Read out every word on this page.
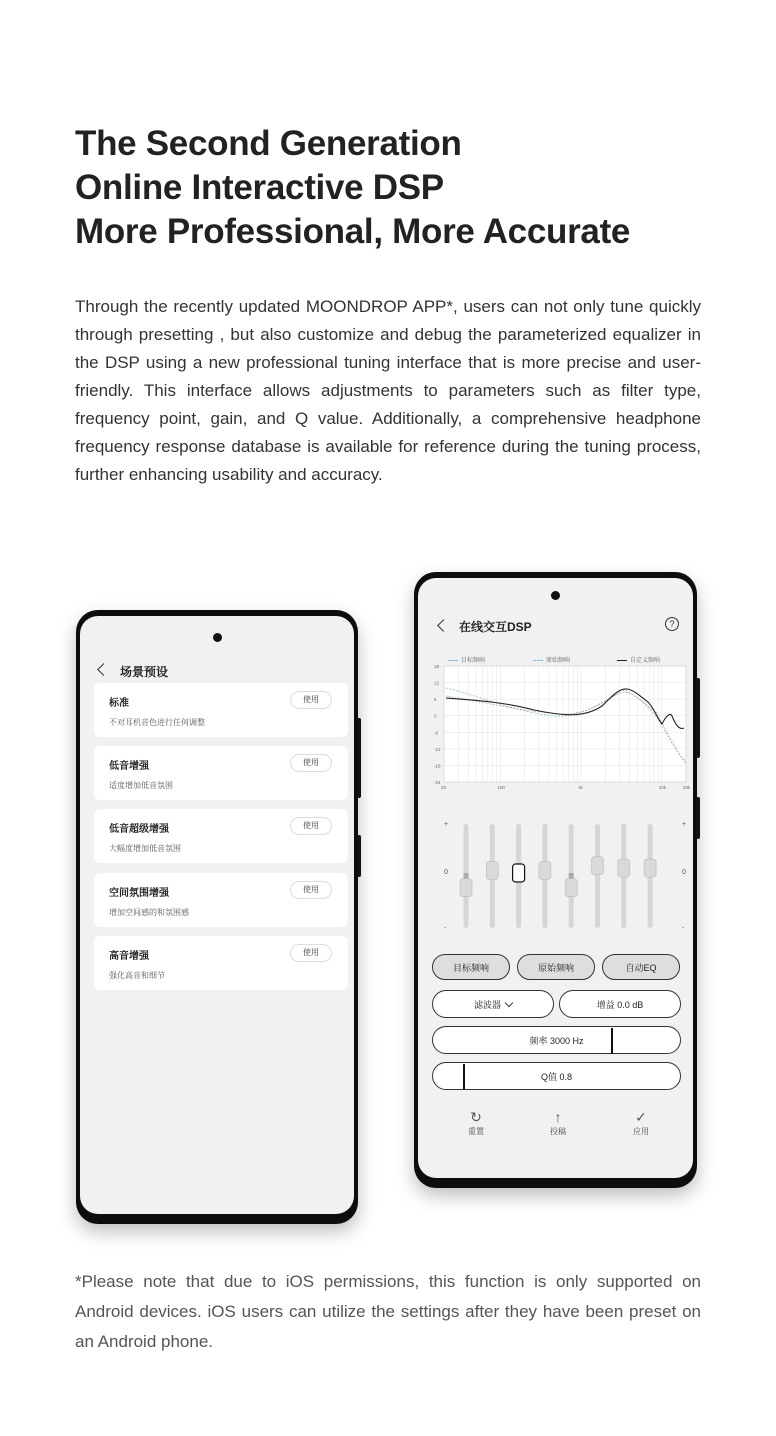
The Second Generation
Online Interactive DSP
More Professional, More Accurate

Through the recently updated MOONDROP APP*, users can not only tune quickly through presetting , but also customize and debug the parameterized equalizer in the DSP using a new professional tuning interface that is more precise and user-friendly. This interface allows adjustments to parameters such as filter type, frequency point, gain, and Q value. Additionally, a comprehensive headphone frequency response database is available for reference during the tuning process, further enhancing usability and accuracy.

场景预设
标准
不对耳机音色进行任何调整
使用
低音增强
适度增加低音氛围
使用
低音超级增强
大幅度增加低音氛围
使用
空间氛围增强
增加空间感的和氛围感
使用
高音增强
强化高音和细节
使用
在线交互DSP	?
目标频响	原始频响	自定义频响
18
12
6
0
-6
-12
-18
-24
20	100	1k	10k	20k
+
0
-
+
0
-
目标频响	原始频响	自动EQ
滤波器	增益 0.0 dB
频率 3000 Hz
Q值 0.8
↻
重置
↑
投稿
✓
应用

*Please note that due to iOS permissions, this function is only supported on Android devices. iOS users can utilize the settings after they have been preset on an Android phone.
